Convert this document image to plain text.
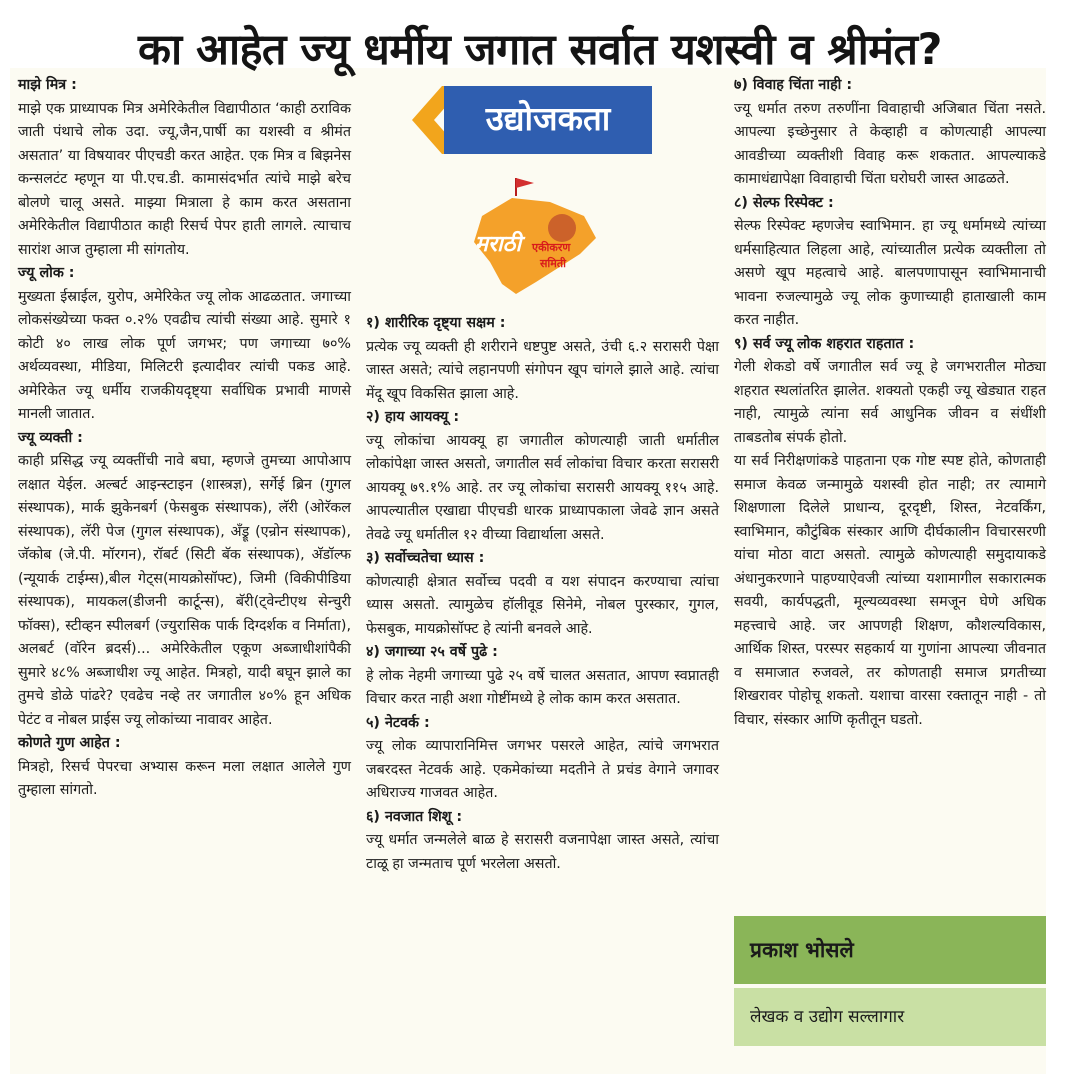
का आहेत ज्यू धर्मीय जगात सर्वात यशस्वी व श्रीमंत?
उद्योजकता
मराठी एकीकरण
समिती
माझे मित्र :

माझे एक प्राध्यापक मित्र अमेरिकेतील विद्यापीठात ‘काही ठराविक जाती पंथाचे लोक उदा. ज्यू,जैन,पार्षी का यशस्वी व श्रीमंत असतात’ या विषयावर पीएचडी करत आहेत. एक मित्र व बिझनेस कन्सलटंट म्हणून या पी.एच.डी. कामासंदर्भात त्यांचे माझे बरेच बोलणे चालू असते. माझ्या मित्राला हे काम करत असताना अमेरिकेतील विद्यापीठात काही रिसर्च पेपर हाती लागले. त्याचाच सारांश आज तुम्हाला मी सांगतोय.

ज्यू लोक :

मुख्यता ईस्राईल, युरोप, अमेरिकेत ज्यू लोक आढळतात. जगाच्या लोकसंख्येच्या फक्त ०.२% एवढीच त्यांची संख्या आहे. सुमारे १ कोटी ४० लाख लोक पूर्ण जगभर; पण जगाच्या ७०% अर्थव्यवस्था, मीडिया, मिलिटरी इत्यादीवर त्यांची पकड आहे. अमेरिकेत ज्यू धर्मीय राजकीयदृष्ट्या सर्वाधिक प्रभावी माणसे मानली जातात.

ज्यू व्यक्ती :

काही प्रसिद्ध ज्यू व्यक्तींची नावे बघा, म्हणजे तुमच्या आपोआप लक्षात येईल. अल्बर्ट आइन्स्टाइन (शास्त्रज्ञ), सर्गेई ब्रिन (गुगल संस्थापक), मार्क झुकेनबर्ग (फेसबुक संस्थापक), लॅरी (ओरॅकल संस्थापक), लॅरी पेज (गुगल संस्थापक), अँड्रू (एन्रोन संस्थापक), जॅकोब (जे.पी. मॉरगन), रॉबर्ट (सिटी बॅक संस्थापक), अ‍ॅडॉल्फ (न्यूयार्क टाईम्स),बील गेट्स(मायक्रोसॉफ्ट), जिमी (विकीपीडिया संस्थापक), मायकल(डीजनी कार्टून्स), बॅरी(ट्वेन्टीएथ सेन्चुरी फॉक्स), स्टीव्हन स्पीलबर्ग (ज्युरासिक पार्क दिग्दर्शक व निर्माता), अलबर्ट (वॉरेन ब्रदर्स)... अमेरिकेतील एकूण अब्जाधीशांपैकी सुमारे ४८% अब्जाधीश ज्यू आहेत. मित्रहो, यादी बघून झाले का तुमचे डोळे पांढरे? एवढेच नव्हे तर जगातील ४०% हून अधिक पेटंट व नोबल प्राईस ज्यू लोकांच्या नावावर आहेत.

कोणते गुण आहेत :

मित्रहो, रिसर्च पेपरचा अभ्यास करून मला लक्षात आलेले गुण तुम्हाला सांगतो.

१) शारीरिक दृष्ट्या सक्षम :

प्रत्येक ज्यू व्यक्ती ही शरीराने धष्टपुष्ट असते, उंची ६.२ सरासरी पेक्षा जास्त असते; त्यांचे लहानपणी संगोपन खूप चांगले झाले आहे. त्यांचा मेंदू खूप विकसित झाला आहे.

२) हाय आयक्यू :

ज्यू लोकांचा आयक्यू हा जगातील कोणत्याही जाती धर्मातील लोकांपेक्षा जास्त असतो, जगातील सर्व लोकांचा विचार करता सरासरी आयक्यू ७९.१% आहे. तर ज्यू लोकांचा सरासरी आयक्यू ११५ आहे. आपल्यातील एखाद्या पीएचडी धारक प्राध्यापकाला जेवढे ज्ञान असते तेवढे ज्यू धर्मातील १२ वीच्या विद्यार्थाला असते.

३) सर्वोच्चतेचा ध्यास :

कोणत्याही क्षेत्रात सर्वोच्च पदवी व यश संपादन करण्याचा त्यांचा ध्यास असतो. त्यामुळेच हॉलीवूड सिनेमे, नोबल पुरस्कार, गुगल, फेसबुक, मायक्रोसॉफ्ट हे त्यांनी बनवले आहे.

४) जगाच्या २५ वर्षे पुढे :

हे लोक नेहमी जगाच्या पुढे २५ वर्षे चालत असतात, आपण स्वप्नातही विचार करत नाही अशा गोष्टींमध्ये हे लोक काम करत असतात.

५) नेटवर्क :

ज्यू लोक व्यापारानिमित्त जगभर पसरले आहेत, त्यांचे जगभरात जबरदस्त नेटवर्क आहे. एकमेकांच्या मदतीने ते प्रचंड वेगाने जगावर अधिराज्य गाजवत आहेत.

६) नवजात शिशू :

ज्यू धर्मात जन्मलेले बाळ हे सरासरी वजनापेक्षा जास्त असते, त्यांचा टाळू हा जन्मताच पूर्ण भरलेला असतो.

७) विवाह चिंता नाही :

ज्यू धर्मात तरुण तरुणींना विवाहाची अजिबात चिंता नसते. आपल्या इच्छेनुसार ते केव्हाही व कोणत्याही आपल्या आवडीच्या व्यक्तीशी विवाह करू शकतात. आपल्याकडे कामाधंद्यापेक्षा विवाहाची चिंता घरोघरी जास्त आढळते.

८) सेल्फ रिस्पेक्ट :

सेल्फ रिस्पेक्ट म्हणजेच स्वाभिमान. हा ज्यू धर्मामध्ये त्यांच्या धर्मसाहित्यात लिहला आहे, त्यांच्यातील प्रत्येक व्यक्तीला तो असणे खूप महत्वाचे आहे. बालपणापासून स्वाभिमानाची भावना रुजल्यामुळे ज्यू लोक कुणाच्याही हाताखाली काम करत नाहीत.

९) सर्व ज्यू लोक शहरात राहतात :

गेली शेकडो वर्षे जगातील सर्व ज्यू हे जगभरातील मोठ्या शहरात स्थलांतरित झालेत. शक्यतो एकही ज्यू खेड्यात राहत नाही, त्यामुळे त्यांना सर्व आधुनिक जीवन व संधींशी ताबडतोब संपर्क होतो.

या सर्व निरीक्षणांकडे पाहताना एक गोष्ट स्पष्ट होते, कोणताही समाज केवळ जन्मामुळे यशस्वी होत नाही; तर त्यामागे शिक्षणाला दिलेले प्राधान्य, दूरदृष्टी, शिस्त, नेटवर्किंग, स्वाभिमान, कौटुंबिक संस्कार आणि दीर्घकालीन विचारसरणी यांचा मोठा वाटा असतो. त्यामुळे कोणत्याही समुदायाकडे अंधानुकरणाने पाहण्याऐवजी त्यांच्या यशामागील सकारात्मक सवयी, कार्यपद्धती, मूल्यव्यवस्था समजून घेणे अधिक महत्त्वाचे आहे. जर आपणही शिक्षण, कौशल्यविकास, आर्थिक शिस्त, परस्पर सहकार्य या गुणांना आपल्या जीवनात व समाजात रुजवले, तर कोणताही समाज प्रगतीच्या शिखरावर पोहोचू शकतो. यशाचा वारसा रक्तातून नाही - तो विचार, संस्कार आणि कृतीतून घडतो.

प्रकाश भोसले
लेखक व उद्योग सल्लागार
